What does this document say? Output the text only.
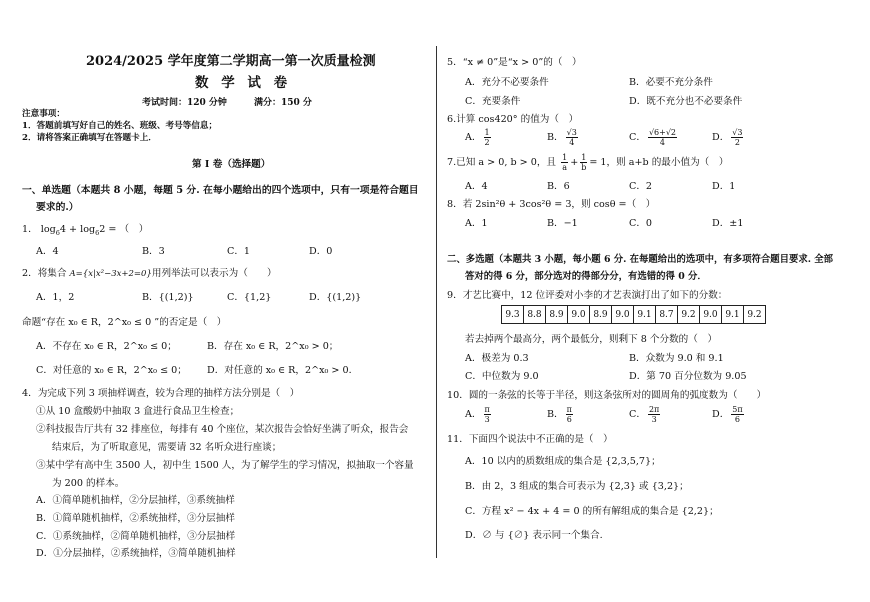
2024/2025 学年度第二学期高一第一次质量检测
数 学 试 卷
考试时间：120 分钟	满分：150 分
注意事项：
1．答题前填写好自己的姓名、班级、考号等信息；
2．请将答案正确填写在答题卡上．
第 I 卷（选择题）
一、单选题（本题共 8 小题，每题 5 分. 在每小题给出的四个选项中，只有一项是符合题目
要求的.）
1． $\log_64 + \log_62$ = （　）
A．4	B．3	C．1	D．0
2．将集合 A={x|x²−3x+2=0}用列举法可以表示为（　　）
A．1，2	B．{(1,2)}	C．{1,2}	D．{(1,2)}
命题“存在 x₀ ∈ R，2^x₀ ≤ 0 ”的否定是（　）
A．不存在 x₀ ∈ R，2^x₀ ≤ 0；	B．存在 x₀ ∈ R，2^x₀ > 0；
C．对任意的 x₀ ∈ R，2^x₀ ≤ 0； D．对任意的 x₀ ∈ R，2^x₀ > 0．
4．为完成下列 3 项抽样调查，较为合理的抽样方法分别是（　）
①从 10 盒酸奶中抽取 3 盒进行食品卫生检查；
②科技报告厅共有 32 排座位，每排有 40 个座位，某次报告会恰好坐满了听众，报告会
结束后，为了听取意见，需要请 32 名听众进行座谈；
③某中学有高中生 3500 人，初中生 1500 人，为了解学生的学习情况，拟抽取一个容量
为 200 的样本。
A．①简单随机抽样，②分层抽样，③系统抽样
B．①简单随机抽样，②系统抽样，③分层抽样
C．①系统抽样，②简单随机抽样，③分层抽样
D．①分层抽样，②系统抽样，③简单随机抽样
5．“x ≠ 0”是“x > 0”的（　）
A．充分不必要条件	B．必要不充分条件
C．充要条件	D．既不充分也不必要条件
6.计算 cos420° 的值为（　）
A． $\frac{1}{2}$	B． $\frac{√3}{4}$	C． $\frac{√6+√2}{4}$	D． $\frac{√3}{2}$
7.已知 a > 0, b > 0，且 $\frac{1}{a} + \frac{1}{b} = 1$，则 a+b 的最小值为（　）
A．4	B．6	C．2	D．1
8．若 2sin²θ + 3cos²θ = 3，则 cosθ =（　）
A．1	B．−1	C．0	D．±1
二、多选题（本题共 3 小题，每小题 6 分. 在每题给出的选项中，有多项符合题目要求. 全部
答对的得 6 分，部分选对的得部分分，有选错的得 0 分．
9．才艺比赛中，12 位评委对小李的才艺表演打出了如下的分数：
9.3	8.8	8.9	9.0	8.9	9.0	9.1	8.7	9.2	9.0	9.1	9.2
若去掉两个最高分，两个最低分，则剩下 8 个分数的（　）
A．极差为 0.3	B．众数为 9.0 和 9.1
C．中位数为 9.0	D．第 70 百分位数为 9.05
10．圆的一条弦的长等于半径，则这条弦所对的圆周角的弧度数为（　　）
A． $\frac{\pi}{3}$	B． $\frac{\pi}{6}$	C． $\frac{2\pi}{3}$	D． $\frac{5\pi}{6}$
11．下面四个说法中不正确的是（　）
A．10 以内的质数组成的集合是 {2,3,5,7}；
B．由 2，3 组成的集合可表示为 {2,3} 或 {3,2}；
C．方程 x² − 4x + 4 = 0 的所有解组成的集合是 {2,2}；
D．∅ 与 {∅} 表示同一个集合.
